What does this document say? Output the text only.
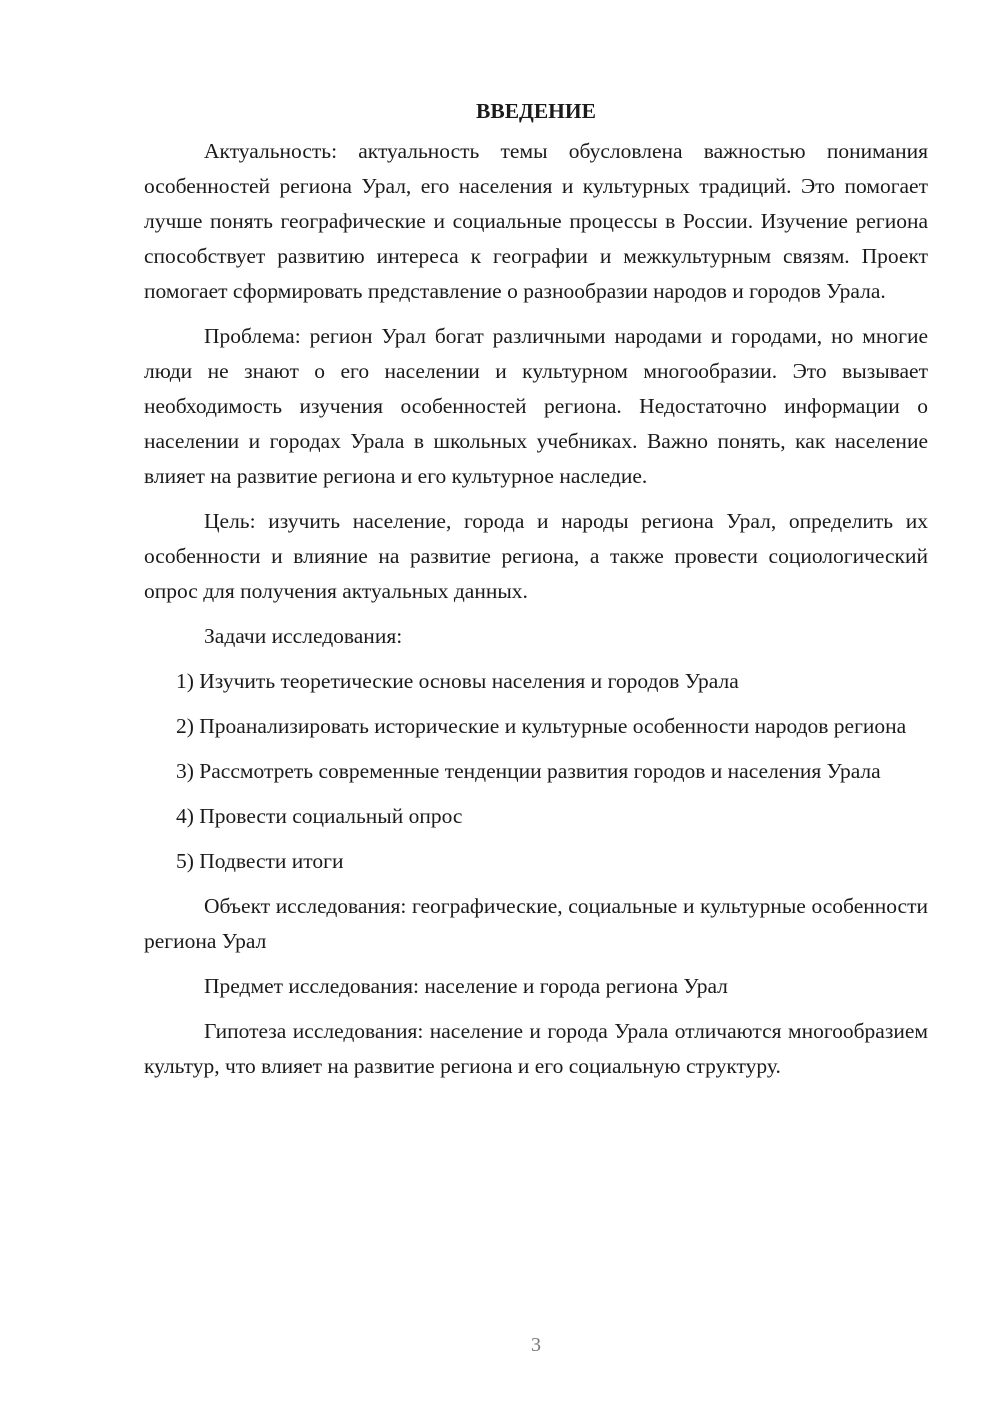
ВВЕДЕНИЕ

Актуальность: актуальность темы обусловлена важностью понимания особенностей региона Урал, его населения и культурных традиций. Это помогает лучше понять географические и социальные процессы в России. Изучение региона способствует развитию интереса к географии и межкультурным связям. Проект помогает сформировать представление о разнообразии народов и городов Урала.

Проблема: регион Урал богат различными народами и городами, но многие люди не знают о его населении и культурном многообразии. Это вызывает необходимость изучения особенностей региона. Недостаточно информации о населении и городах Урала в школьных учебниках. Важно понять, как население влияет на развитие региона и его культурное наследие.

Цель: изучить население, города и народы региона Урал, определить их особенности и влияние на развитие региона, а также провести социологический опрос для получения актуальных данных.

Задачи исследования:

1) Изучить теоретические основы населения и городов Урала

2) Проанализировать исторические и культурные особенности народов региона

3) Рассмотреть современные тенденции развития городов и населения Урала

4) Провести социальный опрос

5) Подвести итоги

Объект исследования: географические, социальные и культурные особенности региона Урал

Предмет исследования: население и города региона Урал

Гипотеза исследования: население и города Урала отличаются многообразием культур, что влияет на развитие региона и его социальную структуру.

3
